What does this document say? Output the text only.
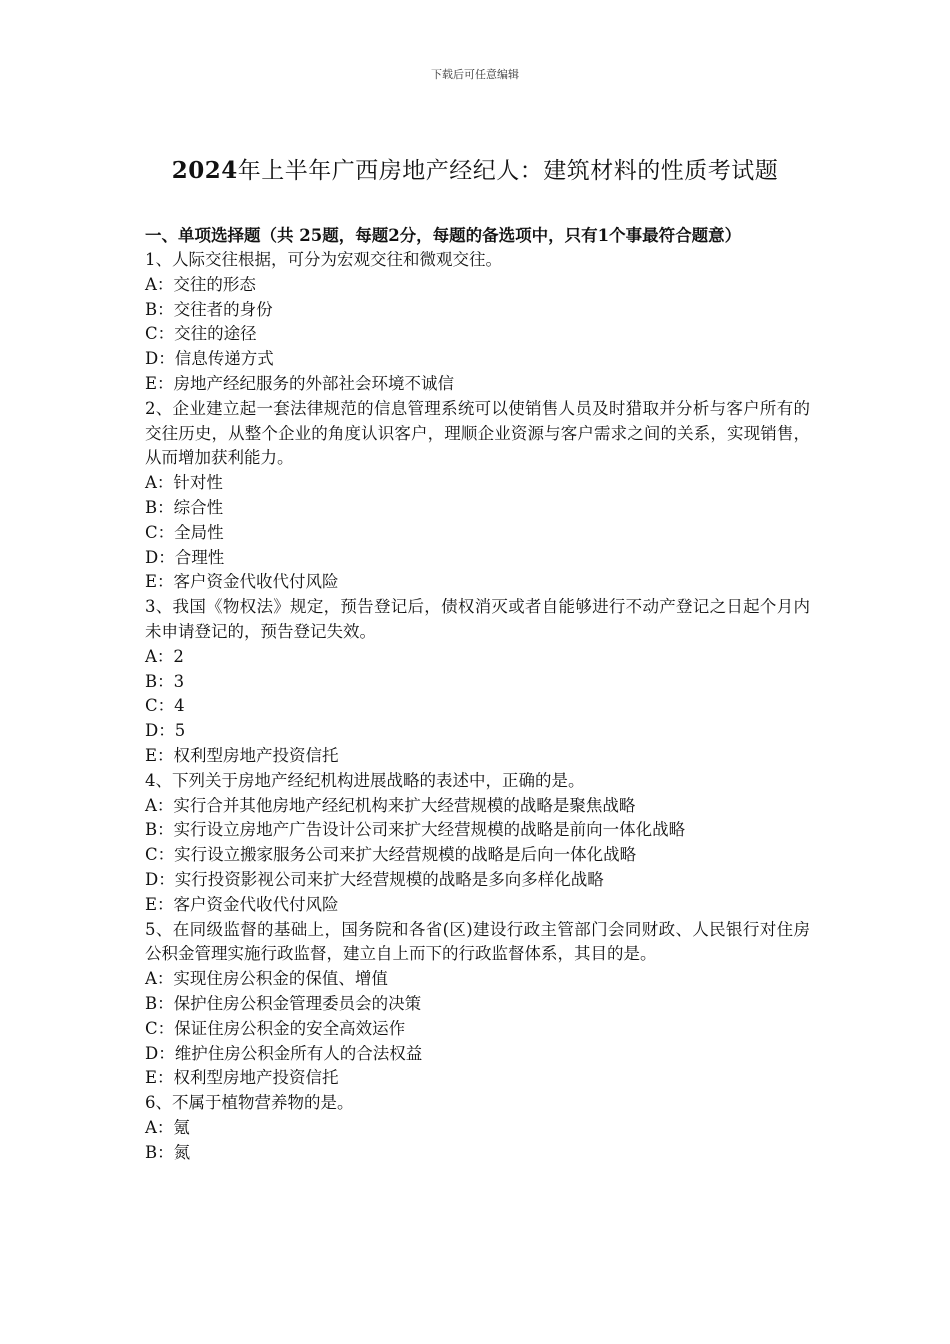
下载后可任意编辑
2024年上半年广西房地产经纪人：建筑材料的性质考试题

一、单项选择题（共 25题，每题2分，每题的备选项中，只有1个事最符合题意）

1、人际交往根据，可分为宏观交往和微观交往。

A：交往的形态

B：交往者的身份

C：交往的途径

D：信息传递方式

E：房地产经纪服务的外部社会环境不诚信

2、企业建立起一套法律规范的信息管理系统可以使销售人员及时猎取并分析与客户所有的交往历史，从整个企业的角度认识客户，理顺企业资源与客户需求之间的关系，实现销售，从而增加获利能力。

A：针对性

B：综合性

C：全局性

D：合理性

E：客户资金代收代付风险

3、我国《物权法》规定，预告登记后，债权消灭或者自能够进行不动产登记之日起个月内未申请登记的，预告登记失效。

A：2

B：3

C：4

D：5

E：权利型房地产投资信托

4、下列关于房地产经纪机构进展战略的表述中，正确的是。

A：实行合并其他房地产经纪机构来扩大经营规模的战略是聚焦战略

B：实行设立房地产广告设计公司来扩大经营规模的战略是前向一体化战略

C：实行设立搬家服务公司来扩大经营规模的战略是后向一体化战略

D：实行投资影视公司来扩大经营规模的战略是多向多样化战略

E：客户资金代收代付风险

5、在同级监督的基础上，国务院和各省(区)建设行政主管部门会同财政、人民银行对住房公积金管理实施行政监督，建立自上而下的行政监督体系，其目的是。

A：实现住房公积金的保值、增值

B：保护住房公积金管理委员会的决策

C：保证住房公积金的安全高效运作

D：维护住房公积金所有人的合法权益

E：权利型房地产投资信托

6、不属于植物营养物的是。

A：氪

B：氮
